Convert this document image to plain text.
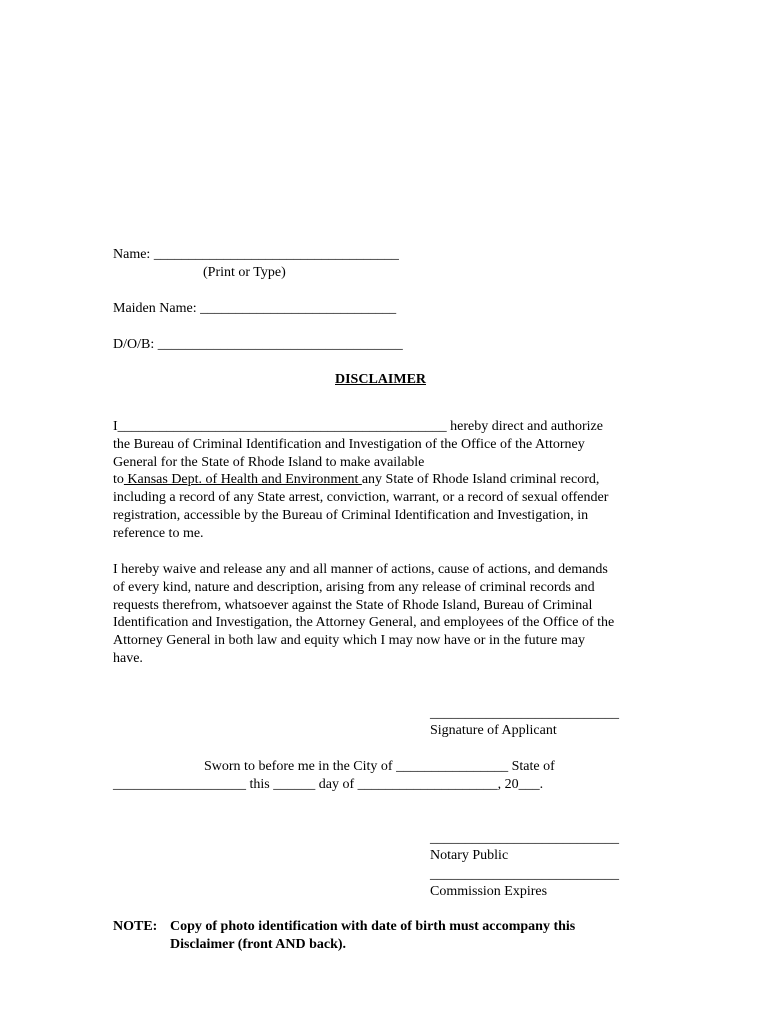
Name: ___________________________________
(Print or Type)
Maiden Name: ____________________________
D/O/B: ___________________________________
DISCLAIMER
I_______________________________________________ hereby direct and authorize
the Bureau of Criminal Identification and Investigation of the Office of the Attorney
General for the State of Rhode Island to make available
to Kansas Dept. of Health and Environment any State of Rhode Island criminal record,
including a record of any State arrest, conviction, warrant, or a record of sexual offender
registration, accessible by the Bureau of Criminal Identification and Investigation, in
reference to me.
I hereby waive and release any and all manner of actions, cause of actions, and demands
of every kind, nature and description, arising from any release of criminal records and
requests therefrom, whatsoever against the State of Rhode Island, Bureau of Criminal
Identification and Investigation, the Attorney General, and employees of the Office of the
Attorney General in both law and equity which I may now have or in the future may
have.
___________________________
Signature of Applicant
Sworn to before me in the City of ________________ State of
___________________ this ______ day of ____________________, 20___.
___________________________
Notary Public
___________________________
Commission Expires
NOTE: Copy of photo identification with date of birth must accompany this
Disclaimer (front AND back).
